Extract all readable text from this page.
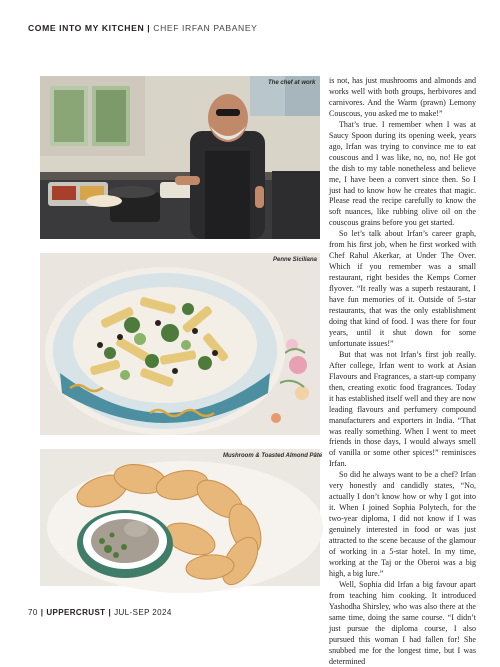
COME INTO MY KITCHEN | CHEF IRFAN PABANEY
The chef at work
Penne Siciliana
Mushroom & Toasted Almond Pâté

is not, has just mushrooms and almonds and works well with both groups, herbivores and carnivores. And the Warm (prawn) Lemony Couscous, you asked me to make!”

That’s true. I remember when I was at Saucy Spoon during its opening week, years ago, Irfan was trying to convince me to eat couscous and I was like, no, no, no! He got the dish to my table nonetheless and believe me, I have been a convert since then. So I just had to know how he creates that magic. Please read the recipe carefully to know the soft nuances, like rubbing olive oil on the couscous grains before you get started.

So let’s talk about Irfan’s career graph, from his first job, when he first worked with Chef Rahul Akerkar, at Under The Over. Which if you remember was a small restaurant, right besides the Kemps Corner flyover. “It really was a superb restaurant, I have fun memories of it. Outside of 5-star restaurants, that was the only establishment doing that kind of food. I was there for four years, until it shut down for some unfortunate issues!”

But that was not Irfan’s first job really. After college, Irfan went to work at Asian Flavours and Fragrances, a start-up company then, creating exotic food fragrances. Today it has established itself well and they are now leading flavours and perfumery compound manufacturers and exporters in India. “That was really something. When I went to meet friends in those days, I would always smell of vanilla or some other spices!” reminisces Irfan.

So did he always want to be a chef? Irfan very honestly and candidly states, “No, actually I don’t know how or why I got into it. When I joined Sophia Polytech, for the two-year diploma, I did not know if I was genuinely interested in food or was just attracted to the scene because of the glamour of working in a 5-star hotel. In my time, working at the Taj or the Oberoi was a big high, a big lure.”

Well, Sophia did Irfan a big favour apart from teaching him cooking. It introduced Yashodha Shirsley, who was also there at the same time, doing the same course. “I didn’t just pursue the diploma course, I also pursued this woman I had fallen for! She snubbed me for the longest time, but I was determined

70 | UPPERCRUST | JUL-SEP 2024
